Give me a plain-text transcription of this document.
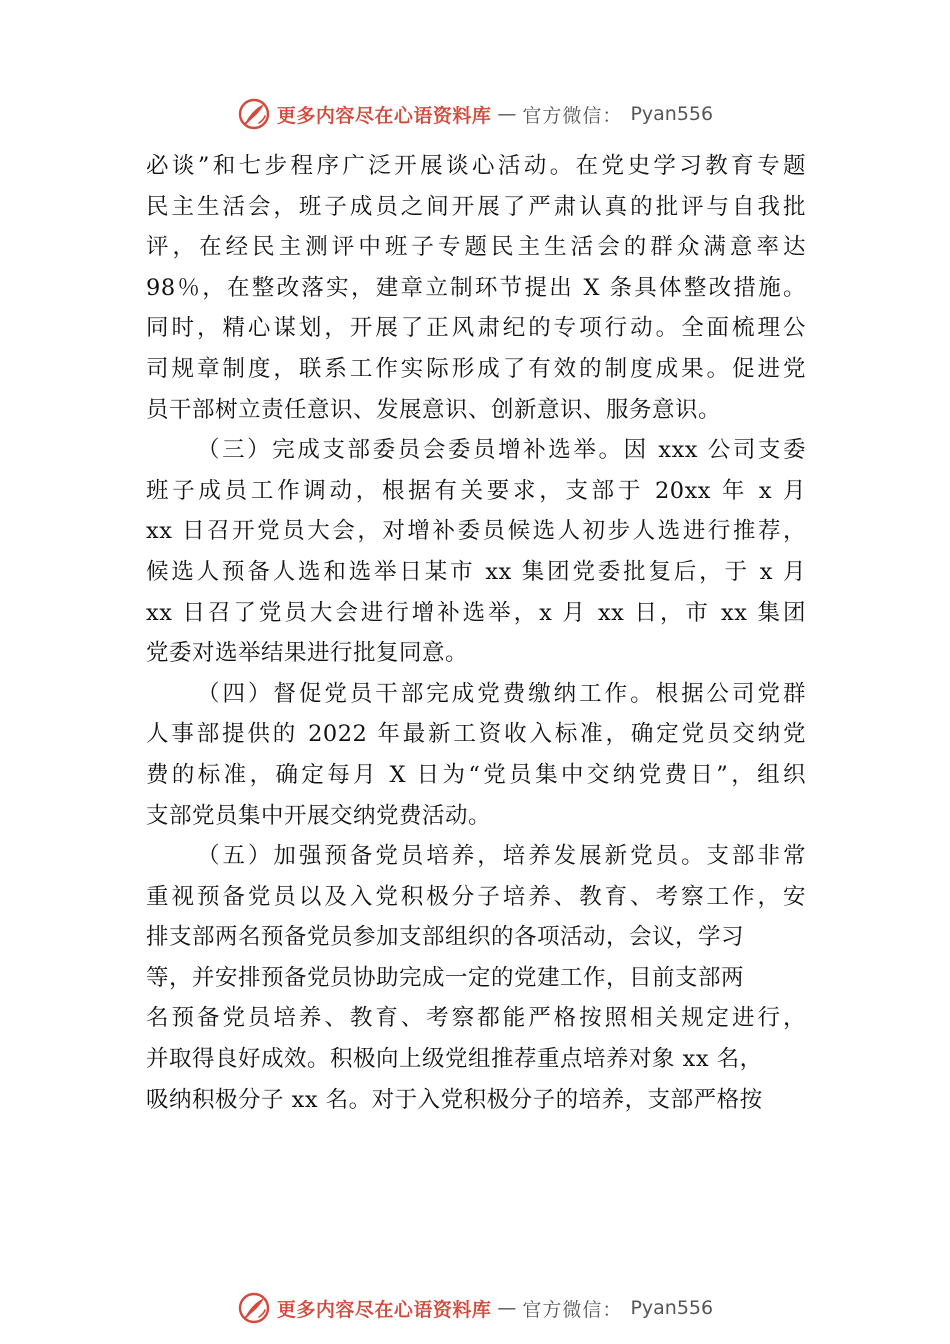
更多内容尽在心语资料库 — 官方微信： Pyan556
必谈”和七步程序广泛开展谈心活动。在党史学习教育专题
民主生活会，班子成员之间开展了严肃认真的批评与自我批
评，在经民主测评中班子专题民主生活会的群众满意率达
98％，在整改落实，建章立制环节提出 X 条具体整改措施。
同时，精心谋划，开展了正风肃纪的专项行动。全面梳理公
司规章制度，联系工作实际形成了有效的制度成果。促进党
员干部树立责任意识、发展意识、创新意识、服务意识。
（三）完成支部委员会委员增补选举。因 xxx 公司支委
班子成员工作调动，根据有关要求，支部于 20xx 年 x 月
xx 日召开党员大会，对增补委员候选人初步人选进行推荐，
候选人预备人选和选举日某市 xx 集团党委批复后，于 x 月
xx 日召了党员大会进行增补选举，x 月 xx 日，市 xx 集团
党委对选举结果进行批复同意。
（四）督促党员干部完成党费缴纳工作。根据公司党群
人事部提供的 2022 年最新工资收入标准，确定党员交纳党
费的标准，确定每月 X 日为“党员集中交纳党费日”，组织
支部党员集中开展交纳党费活动。
（五）加强预备党员培养，培养发展新党员。支部非常
重视预备党员以及入党积极分子培养、教育、考察工作，安
排支部两名预备党员参加支部组织的各项活动，会议，学习
等，并安排预备党员协助完成一定的党建工作，目前支部两
名预备党员培养、教育、考察都能严格按照相关规定进行，
并取得良好成效。积极向上级党组推荐重点培养对象 xx 名，
吸纳积极分子 xx 名。对于入党积极分子的培养，支部严格按
更多内容尽在心语资料库 — 官方微信： Pyan556
